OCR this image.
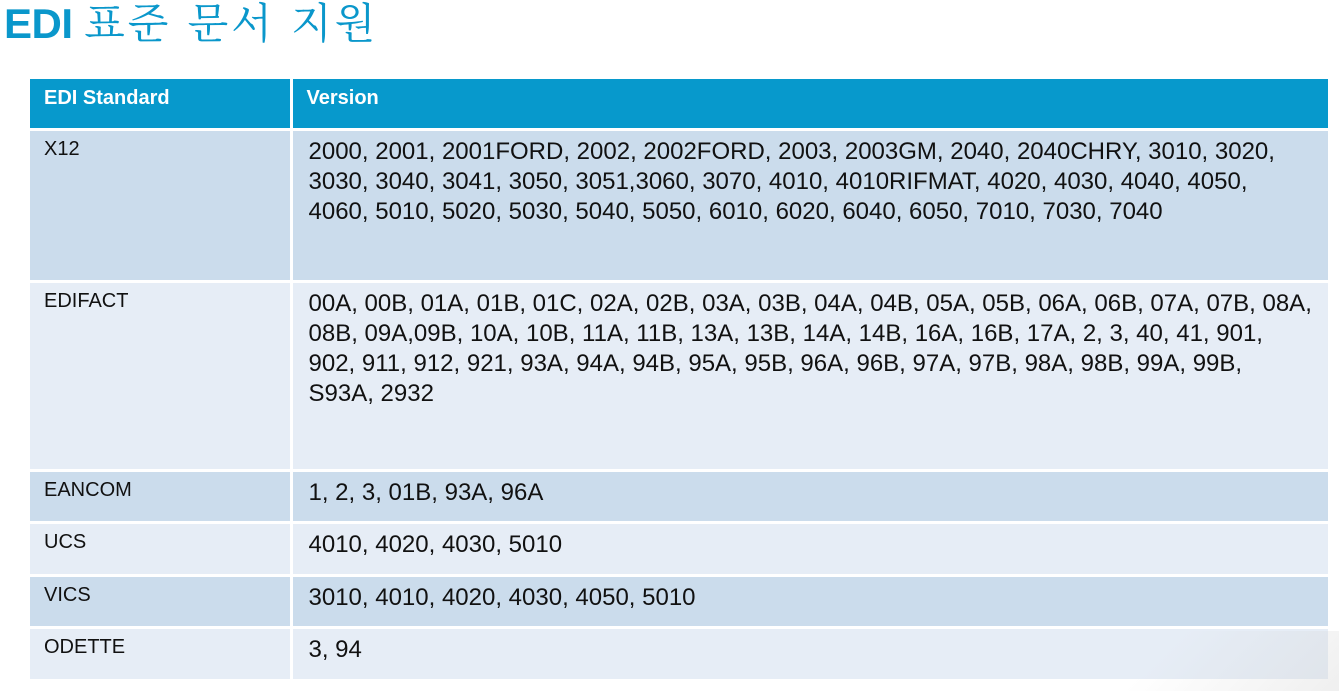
EDI 표준 문서 지원
EDI Standard	Version
X12	2000, 2001, 2001FORD, 2002, 2002FORD, 2003, 2003GM, 2040, 2040CHRY, 3010, 3020, 3030, 3040, 3041, 3050, 3051,3060, 3070, 4010, 4010RIFMAT, 4020, 4030, 4040, 4050, 4060, 5010, 5020, 5030, 5040, 5050, 6010, 6020, 6040, 6050, 7010, 7030, 7040
EDIFACT	00A, 00B, 01A, 01B, 01C, 02A, 02B, 03A, 03B, 04A, 04B, 05A, 05B, 06A, 06B, 07A, 07B, 08A, 08B, 09A,09B, 10A, 10B, 11A, 11B, 13A, 13B, 14A, 14B, 16A, 16B, 17A, 2, 3, 40, 41, 901, 902, 911, 912, 921, 93A, 94A, 94B, 95A, 95B, 96A, 96B, 97A, 97B, 98A, 98B, 99A, 99B, S93A, 2932
EANCOM	1, 2, 3, 01B, 93A, 96A
UCS	4010, 4020, 4030, 5010
VICS	3010, 4010, 4020, 4030, 4050, 5010
ODETTE	3, 94
